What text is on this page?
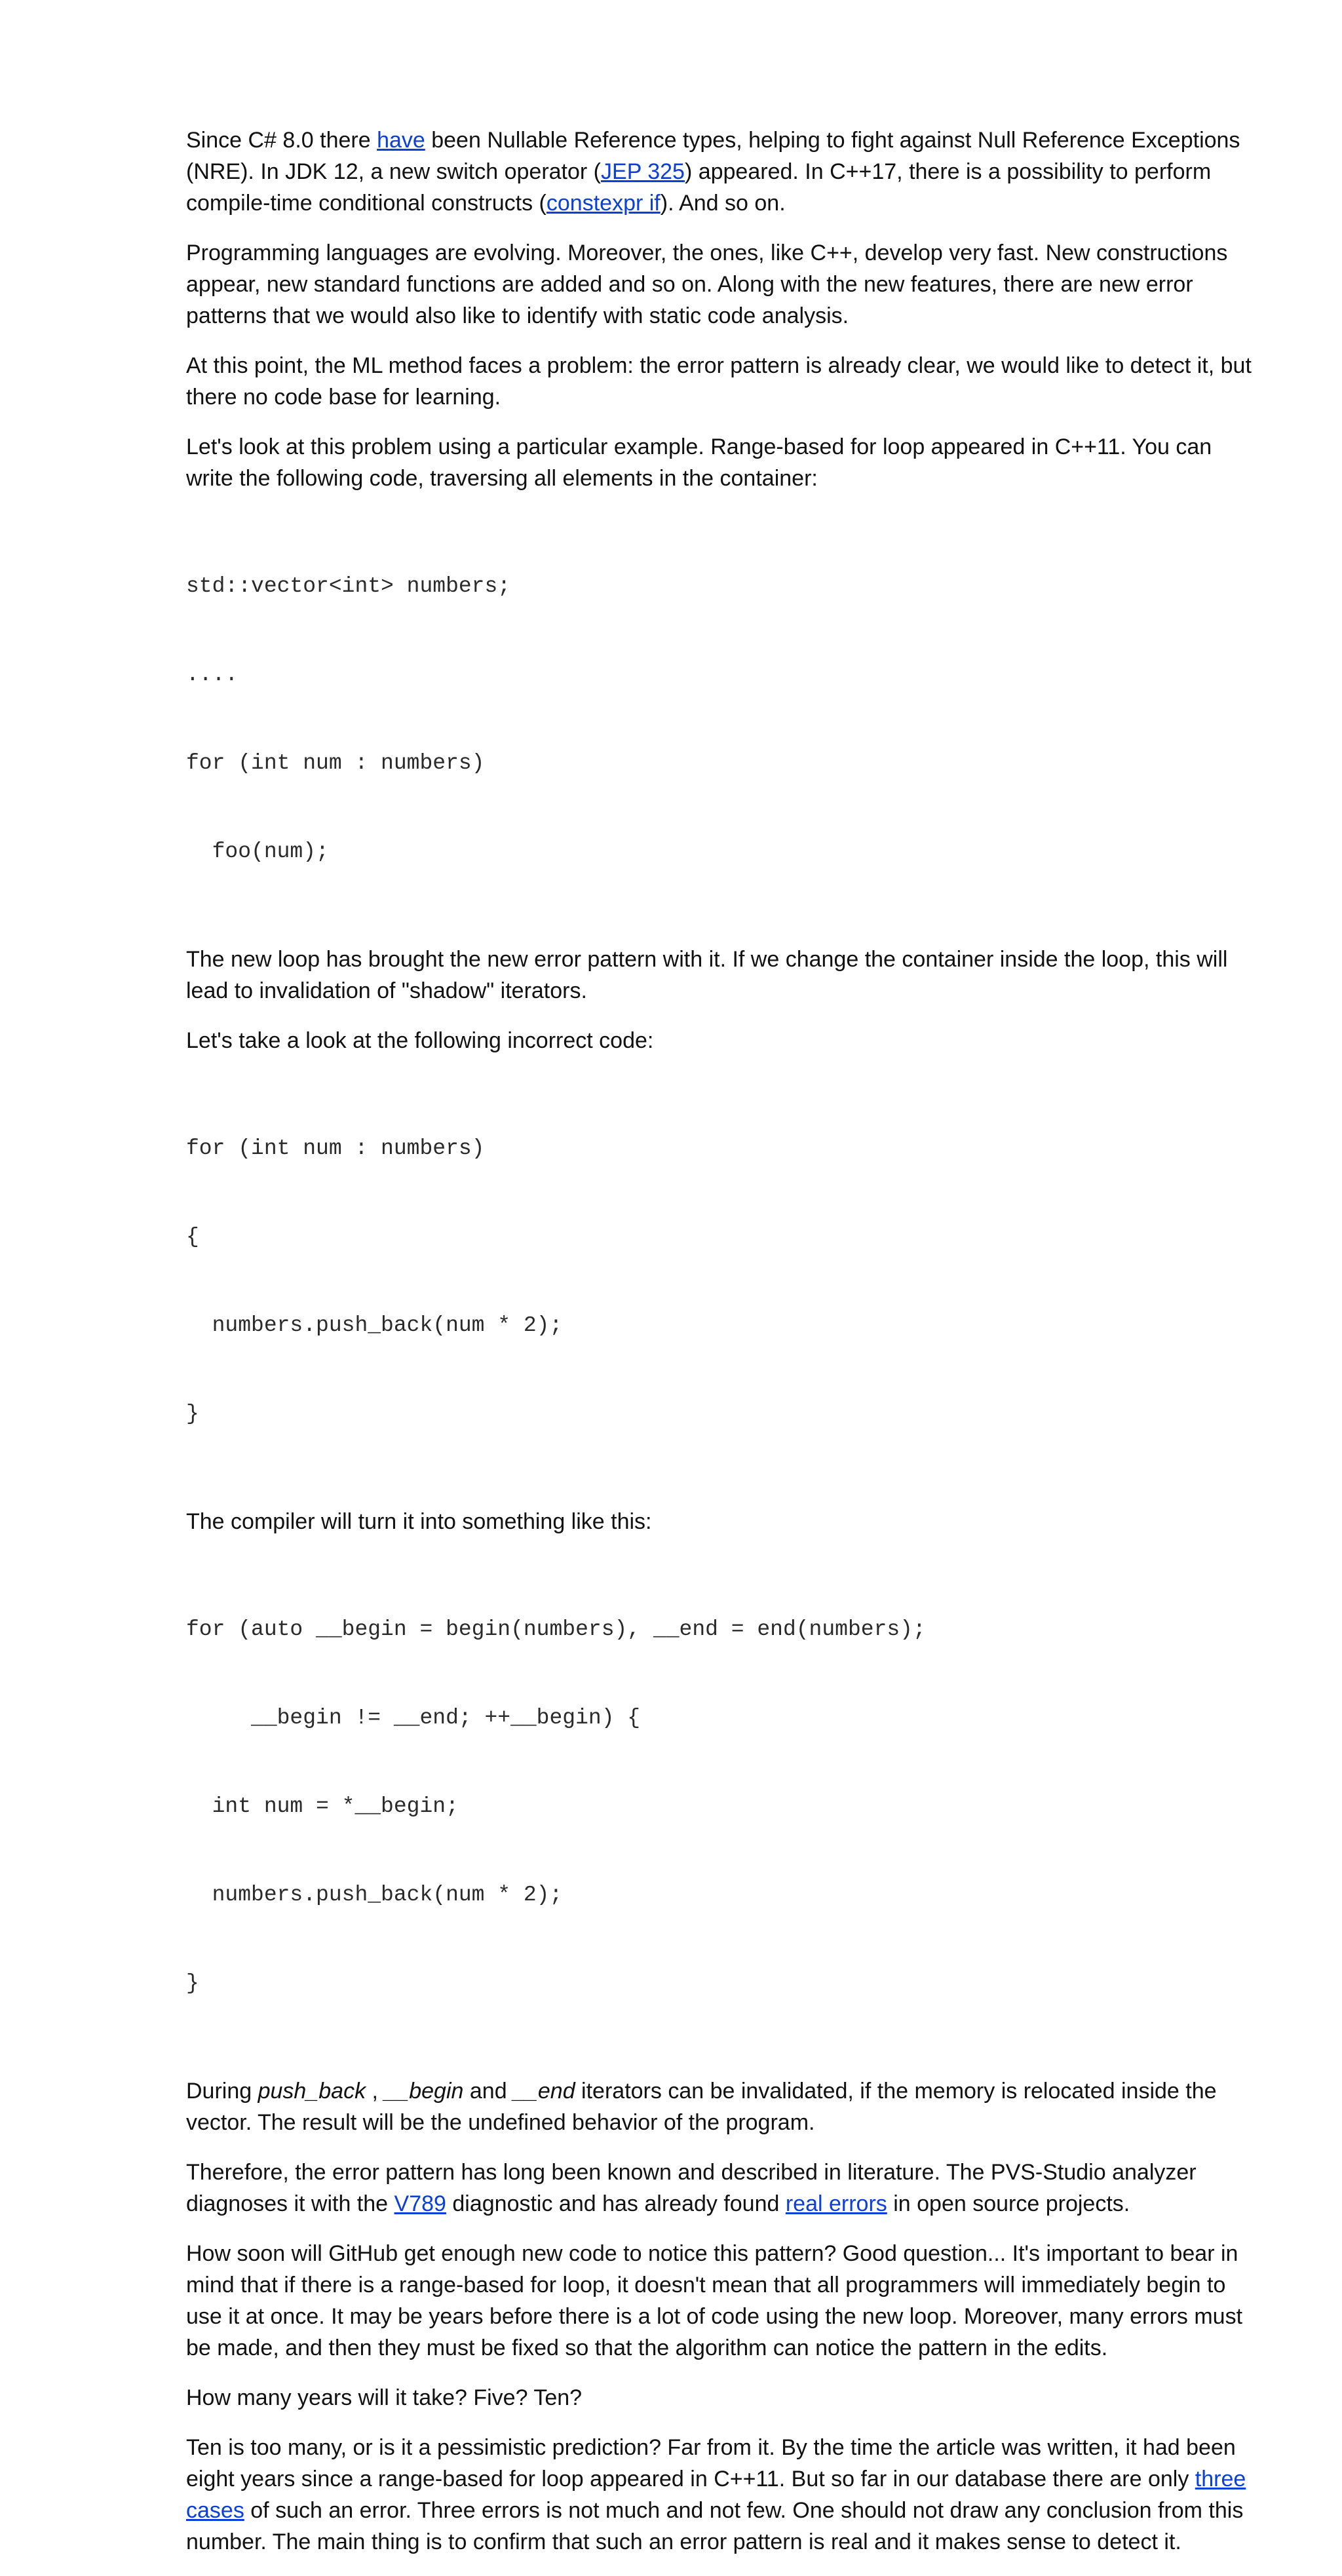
Since C# 8.0 there have been Nullable Reference types, helping to fight against Null Reference Exceptions (NRE). In JDK 12, a new switch operator (JEP 325) appeared. In C++17, there is a possibility to perform compile-time conditional constructs (constexpr if). And so on.

Programming languages are evolving. Moreover, the ones, like C++, develop very fast. New constructions appear, new standard functions are added and so on. Along with the new features, there are new error patterns that we would also like to identify with static code analysis.

At this point, the ML method faces a problem: the error pattern is already clear, we would like to detect it, but there no code base for learning.

Let's look at this problem using a particular example. Range-based for loop appeared in C++11. You can write the following code, traversing all elements in the container:

std::vector<int> numbers;

....

for (int num : numbers)

foo(num);

The new loop has brought the new error pattern with it. If we change the container inside the loop, this will lead to invalidation of "shadow" iterators.

Let's take a look at the following incorrect code:

for (int num : numbers)

{

numbers.push_back(num * 2);

}

The compiler will turn it into something like this:

for (auto __begin = begin(numbers), __end = end(numbers);

__begin != __end; ++__begin) {

int num = *__begin;

numbers.push_back(num * 2);

}

During push_back , __begin and __end iterators can be invalidated, if the memory is relocated inside the vector. The result will be the undefined behavior of the program.

Therefore, the error pattern has long been known and described in literature. The PVS-Studio analyzer diagnoses it with the V789 diagnostic and has already found real errors in open source projects.

How soon will GitHub get enough new code to notice this pattern? Good question... It's important to bear in mind that if there is a range-based for loop, it doesn't mean that all programmers will immediately begin to use it at once. It may be years before there is a lot of code using the new loop. Moreover, many errors must be made, and then they must be fixed so that the algorithm can notice the pattern in the edits.

How many years will it take? Five? Ten?

Ten is too many, or is it a pessimistic prediction? Far from it. By the time the article was written, it had been eight years since a range-based for loop appeared in C++11. But so far in our database there are only three cases of such an error. Three errors is not much and not few. One should not draw any conclusion from this number. The main thing is to confirm that such an error pattern is real and it makes sense to detect it.
